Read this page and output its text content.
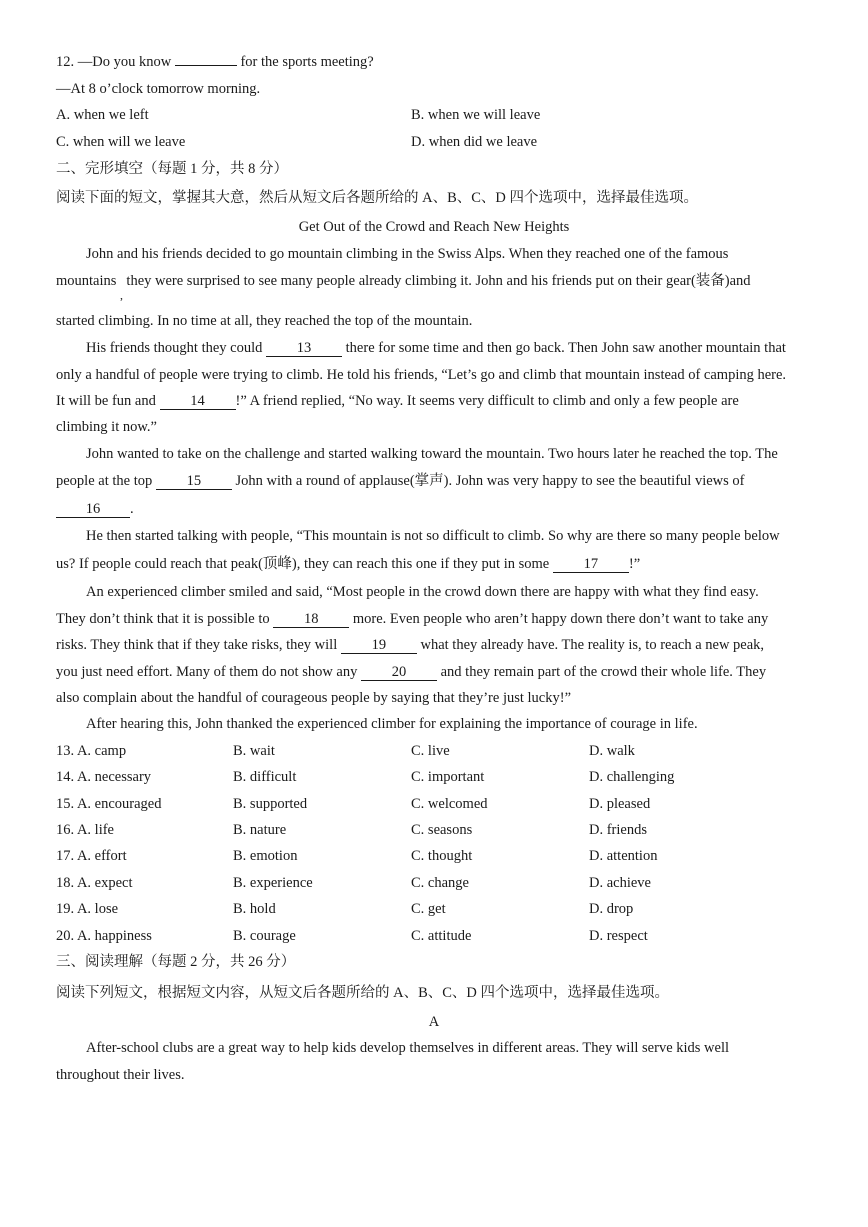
12. —Do you know	for the sports meeting?
—At 8 o’clock tomorrow morning.
A. when we left	B. when we will leave
C. when will we leave	D. when did we leave
二、完形填空（每题 1 分，共 8 分）
阅读下面的短文，掌握其大意，然后从短文后各题所给的 A、B、C、D 四个选项中，选择最佳选项。
Get Out of the Crowd and Reach New Heights
John and his friends decided to go mountain climbing in the Swiss Alps. When they reached one of the famous
mountains they were surprised to see many people already climbing it. John and his friends put on their gear(装备)and
,
started climbing. In no time at all, they reached the top of the mountain.
His friends thought they could 13 there for some time and then go back. Then John saw another mountain that
only a handful of people were trying to climb. He told his friends, “Let’s go and climb that mountain instead of camping here.
It will be fun and 14 !” A friend replied, “No way. It seems very difficult to climb and only a few people are
climbing it now.”
John wanted to take on the challenge and started walking toward the mountain. Two hours later he reached the top. The
people at the top 15 John with a round of applause(掌声). John was very happy to see the beautiful views of
16 .
He then started talking with people, “This mountain is not so difficult to climb. So why are there so many people below
us? If people could reach that peak(顶峰), they can reach this one if they put in some 17 !”
An experienced climber smiled and said, “Most people in the crowd down there are happy with what they find easy.
They don’t think that it is possible to 18 more. Even people who aren’t happy down there don’t want to take any
risks. They think that if they take risks, they will 19 what they already have. The reality is, to reach a new peak,
you just need effort. Many of them do not show any 20 and they remain part of the crowd their whole life. They
also complain about the handful of courageous people by saying that they’re just lucky!”
After hearing this, John thanked the experienced climber for explaining the importance of courage in life.
13. A. camp	B. wait	C. live	D. walk
14. A. necessary	B. difficult	C. important	D. challenging
15. A. encouraged	B. supported	C. welcomed	D. pleased
16. A. life	B. nature	C. seasons	D. friends
17. A. effort	B. emotion	C. thought	D. attention
18. A. expect	B. experience	C. change	D. achieve
19. A. lose	B. hold	C. get	D. drop
20. A. happiness	B. courage	C. attitude	D. respect
三、阅读理解（每题 2 分，共 26 分）
阅读下列短文，根据短文内容，从短文后各题所给的 A、B、C、D 四个选项中，选择最佳选项。
A
After-school clubs are a great way to help kids develop themselves in different areas. They will serve kids well
throughout their lives.
